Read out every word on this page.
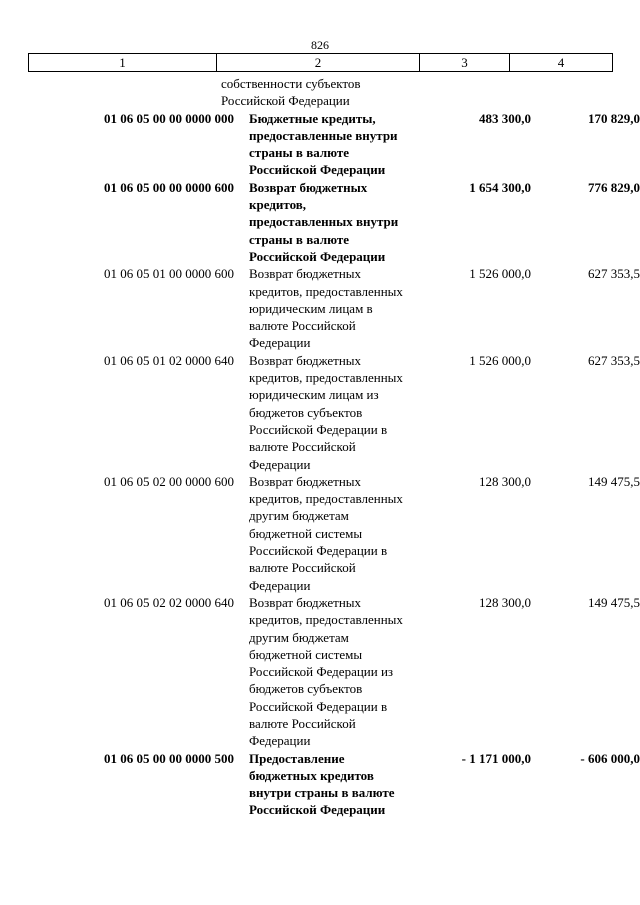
826
1	2	3	4
собственности субъектов
Российской Федерации
01 06 05 00 00 0000 000	Бюджетные кредиты,
предоставленные внутри
страны в валюте
Российской Федерации
483 300,0	170 829,0
01 06 05 00 00 0000 600	Возврат бюджетных
кредитов,
предоставленных внутри
страны в валюте
Российской Федерации
1 654 300,0	776 829,0
01 06 05 01 00 0000 600	Возврат бюджетных
кредитов, предоставленных
юридическим лицам в
валюте Российской
Федерации
1 526 000,0	627 353,5
01 06 05 01 02 0000 640	Возврат бюджетных
кредитов, предоставленных
юридическим лицам из
бюджетов субъектов
Российской Федерации в
валюте Российской
Федерации
1 526 000,0	627 353,5
01 06 05 02 00 0000 600	Возврат бюджетных
кредитов, предоставленных
другим бюджетам
бюджетной системы
Российской Федерации в
валюте Российской
Федерации
128 300,0	149 475,5
01 06 05 02 02 0000 640	Возврат бюджетных
кредитов, предоставленных
другим бюджетам
бюджетной системы
Российской Федерации из
бюджетов субъектов
Российской Федерации в
валюте Российской
Федерации
128 300,0	149 475,5
01 06 05 00 00 0000 500	Предоставление
бюджетных кредитов
внутри страны в валюте
Российской Федерации
- 1 171 000,0	- 606 000,0
